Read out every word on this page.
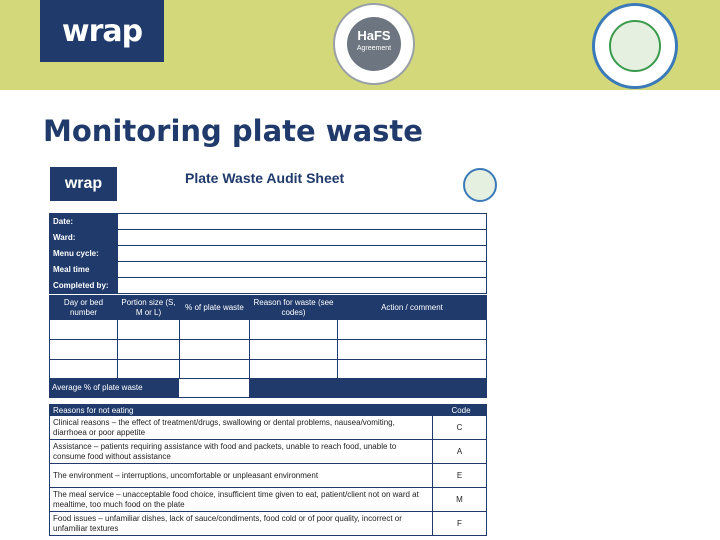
wrap	HaFS
Agreement
Monitoring plate waste
wrap	Plate Waste Audit Sheet
Date:	
Ward:	
Menu cycle:	
Meal time	
Completed by:	
Day or bed number	Portion size (S, M or L)	% of plate waste	Reason for waste (see codes)	Action / comment

Average % of plate waste
Reasons for not eating	Code
Clinical reasons – the effect of treatment/drugs, swallowing or dental problems, nausea/vomiting, diarrhoea or poor appetite	C
Assistance – patients requiring assistance with food and packets, unable to reach food, unable to consume food without assistance	A
The environment – interruptions, uncomfortable or unpleasant environment	E
The meal service – unacceptable food choice, insufficient time given to eat, patient/client not on ward at mealtime, too much food on the plate	M
Food issues – unfamiliar dishes, lack of sauce/condiments, food cold or of poor quality, incorrect or unfamiliar textures	F
